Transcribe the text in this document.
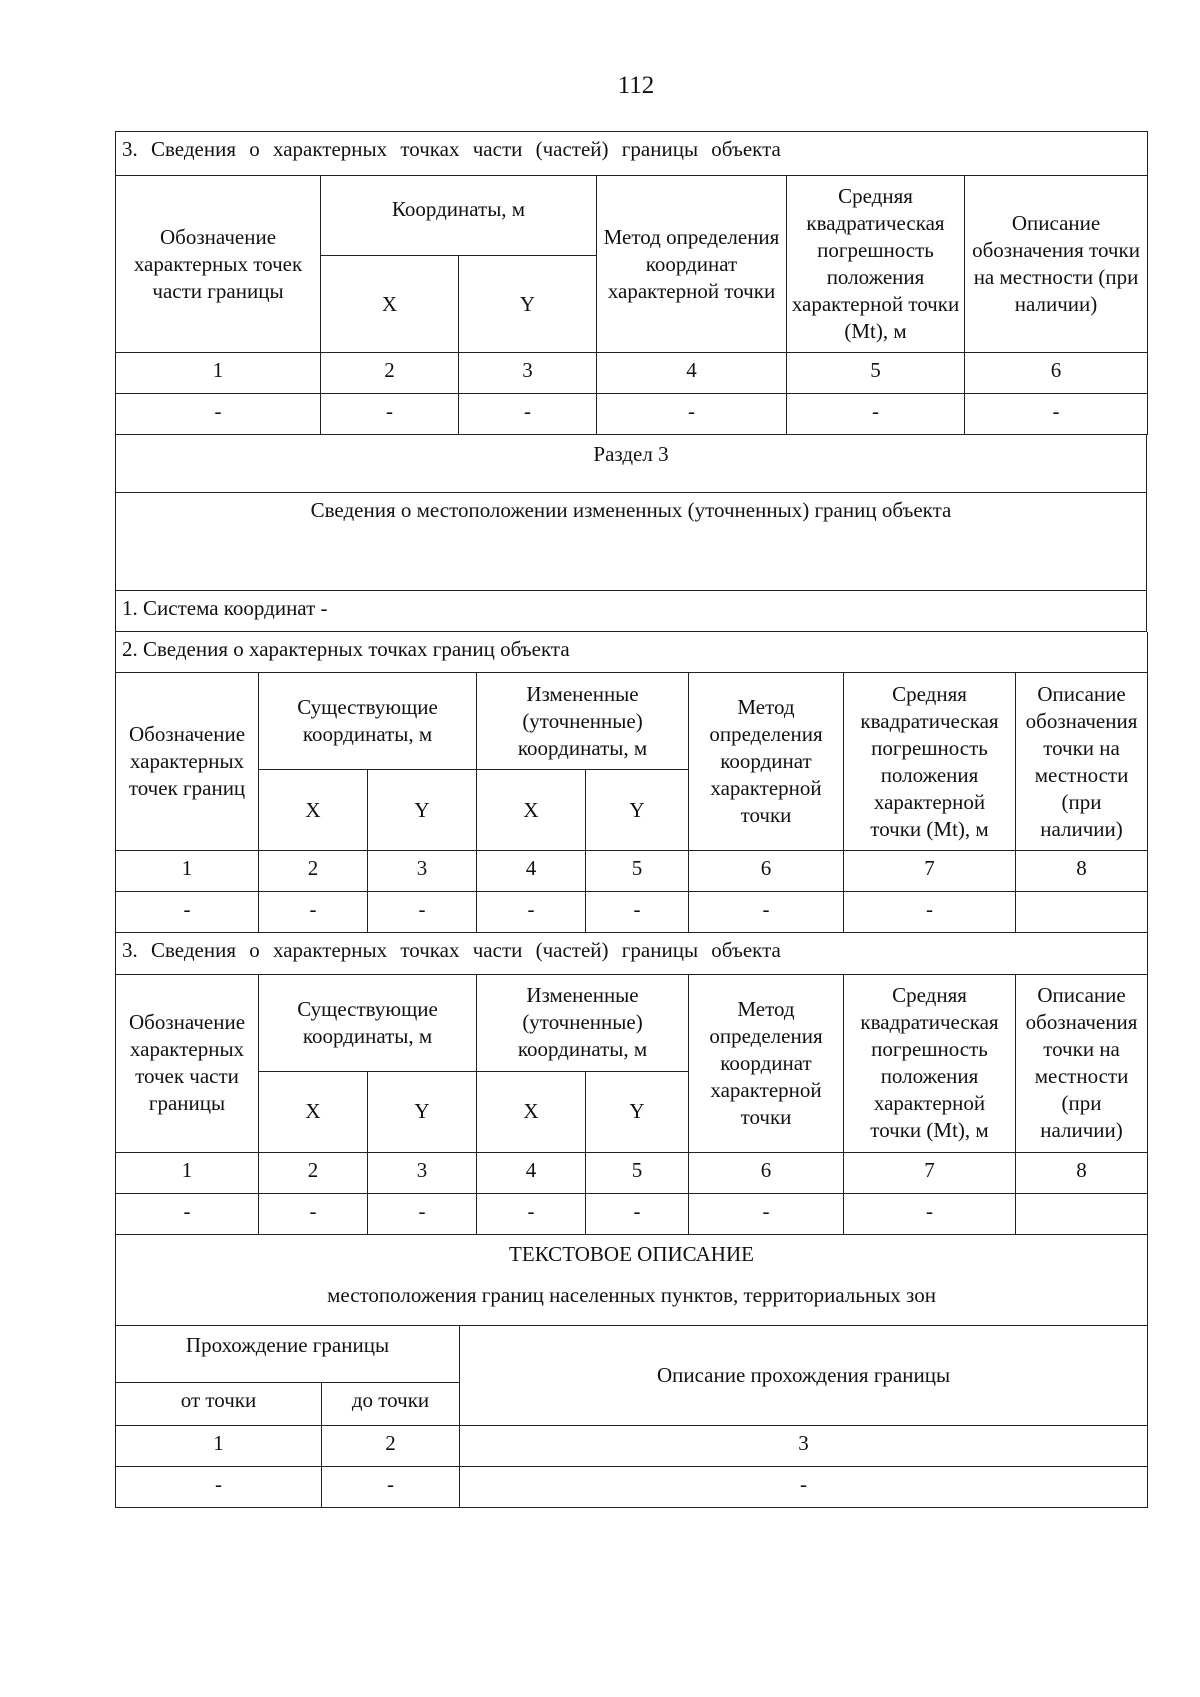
112
3. Сведения о характерных точках части (частей) границы объекта					
Обозначение характерных точек части границы	Координаты, м		Метод определения координат характерной точки	Средняя квадратическая погрешность положения характерной точки (Mt), м	Описание обозначения точки на местности (при наличии)
	X	Y			
1	2	3	4	5	6
-	-	-	-	-	-
Раздел 3
Сведения о местоположении измененных (уточненных) границ объекта
1. Система координат -
2. Сведения о характерных точках границ объекта							
Обозначение характерных точек границ	Существующие координаты, м		Измененные (уточненные) координаты, м		Метод определения координат характерной точки	Средняя квадратическая погрешность положения характерной точки (Mt), м	Описание обозначения точки на местности (при наличии)
	X	Y	X	Y			
1	2	3	4	5	6	7	8
-	-	-	-	-	-	-	
3. Сведения о характерных точках части (частей) границы объекта							
Обозначение характерных точек части границы	Существующие координаты, м		Измененные (уточненные) координаты, м		Метод определения координат характерной точки	Средняя квадратическая погрешность положения характерной точки (Mt), м	Описание обозначения точки на местности (при наличии)
	X	Y	X	Y			
1	2	3	4	5	6	7	8
-	-	-	-	-	-	-	
ТЕКСТОВОЕ ОПИСАНИЕ		
местоположения границ населенных пунктов, территориальных зон		
Прохождение границы		Описание прохождения границы
от точки	до точки	
1	2	3
-	-	-
